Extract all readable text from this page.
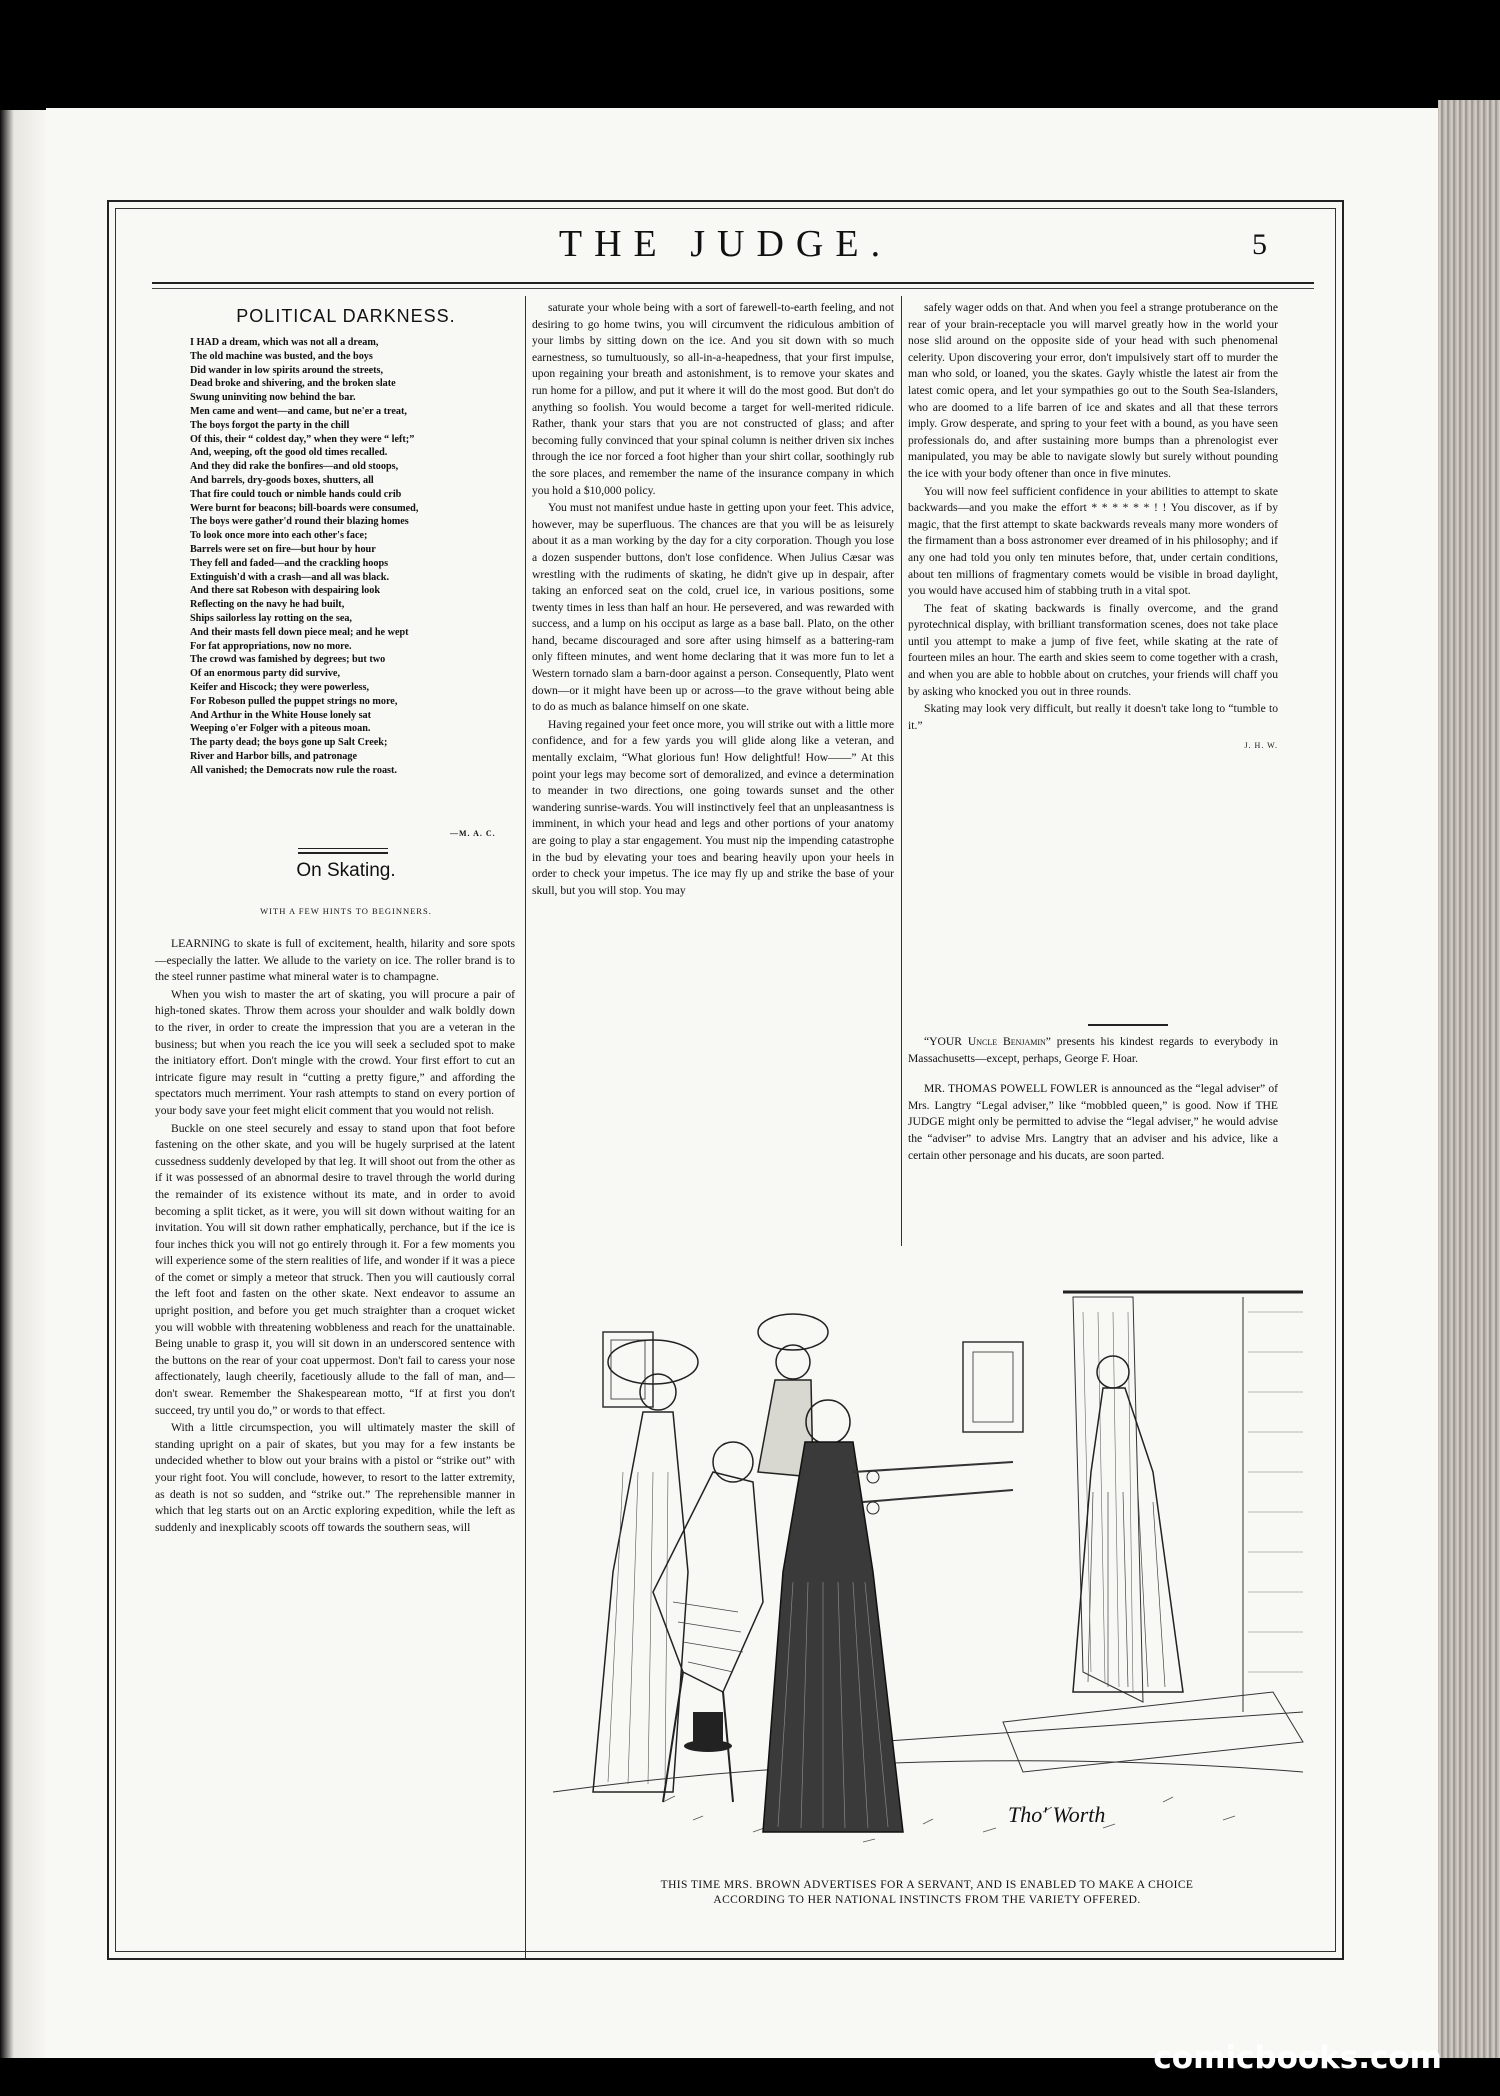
THE JUDGE.	5
POLITICAL DARKNESS.
I HAD a dream, which was not all a dream,
The old machine was busted, and the boys
Did wander in low spirits around the streets,
Dead broke and shivering, and the broken slate
Swung uninviting now behind the bar.
Men came and went—and came, but ne'er a treat,
The boys forgot the party in the chill
Of this, their “ coldest day,” when they were “ left;”
And, weeping, oft the good old times recalled.
And they did rake the bonfires—and old stoops,
And barrels, dry-goods boxes, shutters, all
That fire could touch or nimble hands could crib
Were burnt for beacons; bill-boards were consumed,
The boys were gather'd round their blazing homes
To look once more into each other's face;
Barrels were set on fire—but hour by hour
They fell and faded—and the crackling hoops
Extinguish'd with a crash—and all was black.
And there sat Robeson with despairing look
Reflecting on the navy he had built,
Ships sailorless lay rotting on the sea,
And their masts fell down piece meal; and he wept
For fat appropriations, now no more.
The crowd was famished by degrees; but two
Of an enormous party did survive,
Keifer and Hiscock; they were powerless,
For Robeson pulled the puppet strings no more,
And Arthur in the White House lonely sat
Weeping o'er Folger with a piteous moan.
The party dead; the boys gone up Salt Creek;
River and Harbor bills, and patronage
All vanished; the Democrats now rule the roast.
—M. A. C.
On Skating.
WITH A FEW HINTS TO BEGINNERS.

LEARNING to skate is full of excitement, health, hilarity and sore spots—especially the latter. We allude to the variety on ice. The roller brand is to the steel runner pastime what mineral water is to champagne.

When you wish to master the art of skating, you will procure a pair of high-toned skates. Throw them across your shoulder and walk boldly down to the river, in order to create the impression that you are a veteran in the business; but when you reach the ice you will seek a secluded spot to make the initiatory effort. Don't mingle with the crowd. Your first effort to cut an intricate figure may result in “cutting a pretty figure,” and affording the spectators much merriment. Your rash attempts to stand on every portion of your body save your feet might elicit comment that you would not relish.

Buckle on one steel securely and essay to stand upon that foot before fastening on the other skate, and you will be hugely surprised at the latent cussedness suddenly developed by that leg. It will shoot out from the other as if it was possessed of an abnormal desire to travel through the world during the remainder of its existence without its mate, and in order to avoid becoming a split ticket, as it were, you will sit down without waiting for an invitation. You will sit down rather emphatically, perchance, but if the ice is four inches thick you will not go entirely through it. For a few moments you will experience some of the stern realities of life, and wonder if it was a piece of the comet or simply a meteor that struck. Then you will cautiously corral the left foot and fasten on the other skate. Next endeavor to assume an upright position, and before you get much straighter than a croquet wicket you will wobble with threatening wobbleness and reach for the unattainable. Being unable to grasp it, you will sit down in an underscored sentence with the buttons on the rear of your coat uppermost. Don't fail to caress your nose affectionately, laugh cheerily, facetiously allude to the fall of man, and—don't swear. Remember the Shakespearean motto, “If at first you don't succeed, try until you do,” or words to that effect.

With a little circumspection, you will ultimately master the skill of standing upright on a pair of skates, but you may for a few instants be undecided whether to blow out your brains with a pistol or “strike out” with your right foot. You will conclude, however, to resort to the latter extremity, as death is not so sudden, and “strike out.” The reprehensible manner in which that leg starts out on an Arctic exploring expedition, while the left as suddenly and inexplicably scoots off towards the southern seas, will

saturate your whole being with a sort of farewell-to-earth feeling, and not desiring to go home twins, you will circumvent the ridiculous ambition of your limbs by sitting down on the ice. And you sit down with so much earnestness, so tumultuously, so all-in-a-heapedness, that your first impulse, upon regaining your breath and astonishment, is to remove your skates and run home for a pillow, and put it where it will do the most good. But don't do anything so foolish. You would become a target for well-merited ridicule. Rather, thank your stars that you are not constructed of glass; and after becoming fully convinced that your spinal column is neither driven six inches through the ice nor forced a foot higher than your shirt collar, soothingly rub the sore places, and remember the name of the insurance company in which you hold a $10,000 policy.

You must not manifest undue haste in getting upon your feet. This advice, however, may be superfluous. The chances are that you will be as leisurely about it as a man working by the day for a city corporation. Though you lose a dozen suspender buttons, don't lose confidence. When Julius Cæsar was wrestling with the rudiments of skating, he didn't give up in despair, after taking an enforced seat on the cold, cruel ice, in various positions, some twenty times in less than half an hour. He persevered, and was rewarded with success, and a lump on his occiput as large as a base ball. Plato, on the other hand, became discouraged and sore after using himself as a battering-ram only fifteen minutes, and went home declaring that it was more fun to let a Western tornado slam a barn-door against a person. Consequently, Plato went down—or it might have been up or across—to the grave without being able to do as much as balance himself on one skate.

Having regained your feet once more, you will strike out with a little more confidence, and for a few yards you will glide along like a veteran, and mentally exclaim, “What glorious fun! How delightful! How——” At this point your legs may become sort of demoralized, and evince a determination to meander in two directions, one going towards sunset and the other wandering sunrise-wards. You will instinctively feel that an unpleasantness is imminent, in which your head and legs and other portions of your anatomy are going to play a star engagement. You must nip the impending catastrophe in the bud by elevating your toes and bearing heavily upon your heels in order to check your impetus. The ice may fly up and strike the base of your skull, but you will stop. You may

safely wager odds on that. And when you feel a strange protuberance on the rear of your brain-receptacle you will marvel greatly how in the world your nose slid around on the opposite side of your head with such phenomenal celerity. Upon discovering your error, don't impulsively start off to murder the man who sold, or loaned, you the skates. Gayly whistle the latest air from the latest comic opera, and let your sympathies go out to the South Sea-Islanders, who are doomed to a life barren of ice and skates and all that these terrors imply. Grow desperate, and spring to your feet with a bound, as you have seen professionals do, and after sustaining more bumps than a phrenologist ever manipulated, you may be able to navigate slowly but surely without pounding the ice with your body oftener than once in five minutes.

You will now feel sufficient confidence in your abilities to attempt to skate backwards—and you make the effort * * * * * * ! ! You discover, as if by magic, that the first attempt to skate backwards reveals many more wonders of the firmament than a boss astronomer ever dreamed of in his philosophy; and if any one had told you only ten minutes before, that, under certain conditions, about ten millions of fragmentary comets would be visible in broad daylight, you would have accused him of stabbing truth in a vital spot.

The feat of skating backwards is finally overcome, and the grand pyrotechnical display, with brilliant transformation scenes, does not take place until you attempt to make a jump of five feet, while skating at the rate of fourteen miles an hour. The earth and skies seem to come together with a crash, and when you are able to hobble about on crutches, your friends will chaff you by asking who knocked you out in three rounds.

Skating may look very difficult, but really it doesn't take long to “tumble to it.”

J. H. W.

“YOUR Uncle Benjamin” presents his kindest regards to everybody in Massachusetts—except, perhaps, George F. Hoar.

MR. THOMAS POWELL FOWLER is announced as the “legal adviser” of Mrs. Langtry “Legal adviser,” like “mobbled queen,” is good. Now if THE JUDGE might only be permitted to advise the “legal adviser,” he would advise the “adviser” to advise Mrs. Langtry that an adviser and his advice, like a certain other personage and his ducats, are soon parted.

Tho' Worth
THIS TIME MRS. BROWN ADVERTISES FOR A SERVANT, AND IS ENABLED TO MAKE A CHOICE
ACCORDING TO HER NATIONAL INSTINCTS FROM THE VARIETY OFFERED.
comicbooks.com
